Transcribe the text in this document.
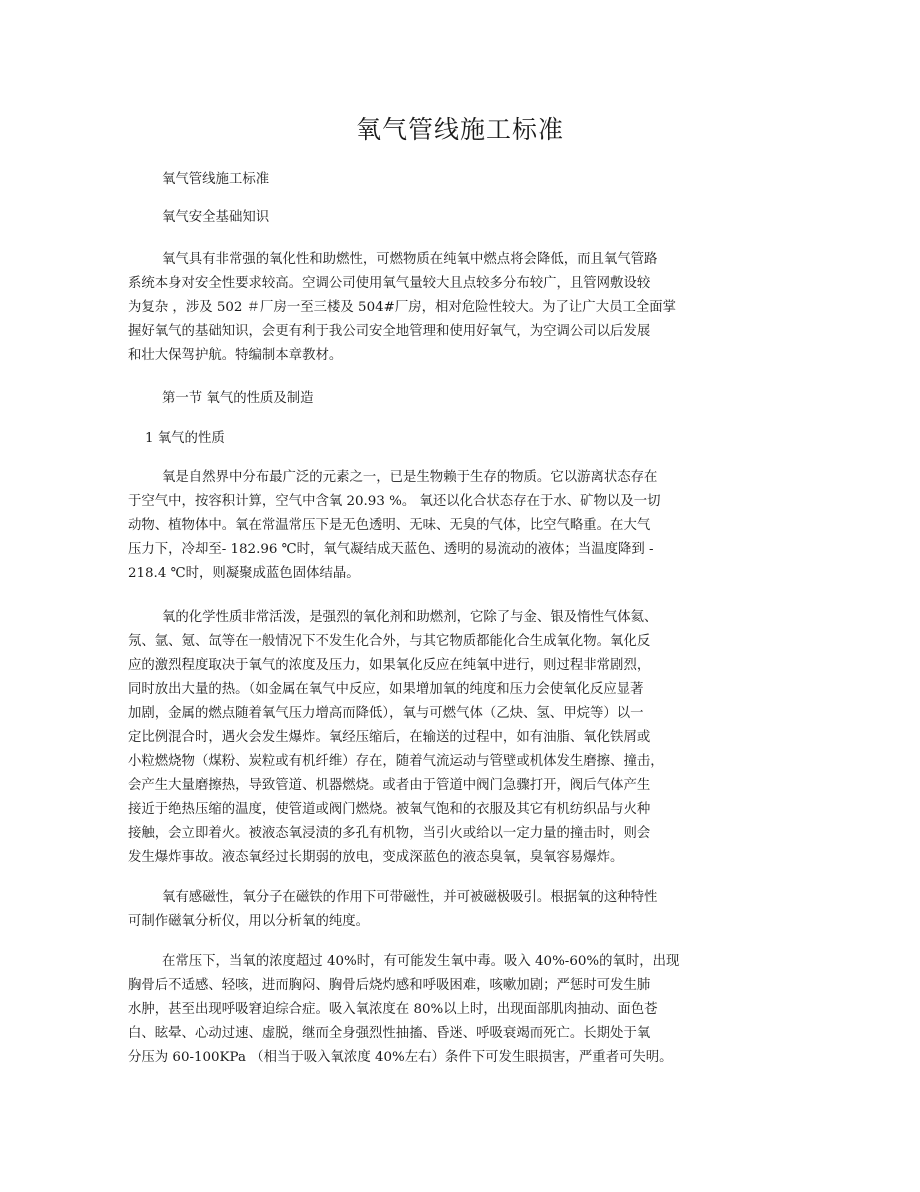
氧气管线施工标准
氧气管线施工标准
氧气安全基础知识
氧气具有非常强的氧化性和助燃性，可燃物质在纯氧中燃点将会降低，而且氧气管路
系统本身对安全性要求较高。空调公司使用氧气量较大且点较多分布较广，且管网敷设较
为复杂 ，涉及 502 ＃厂房一至三楼及 504#厂房，相对危险性较大。为了让广大员工全面掌
握好氧气的基础知识，会更有利于我公司安全地管理和使用好氧气，为空调公司以后发展
和壮大保驾护航。特编制本章教材。
第一节 氧气的性质及制造
1 氧气的性质
氧是自然界中分布最广泛的元素之一，已是生物赖于生存的物质。它以游离状态存在
于空气中，按容积计算，空气中含氧 20.93 %。 氧还以化合状态存在于水、矿物以及一切
动物、植物体中。氧在常温常压下是无色透明、无味、无臭的气体，比空气略重。在大气
压力下，冷却至- 182.96 ℃时，氧气凝结成天蓝色、透明的易流动的液体；当温度降到 -
218.4 ℃时，则凝聚成蓝色固体结晶。
氧的化学性质非常活泼，是强烈的氧化剂和助燃剂，它除了与金、银及惰性气体氦、
氖、氩、氪、氙等在一般情况下不发生化合外，与其它物质都能化合生成氧化物。氧化反
应的激烈程度取决于氧气的浓度及压力，如果氧化反应在纯氧中进行，则过程非常剧烈，
同时放出大量的热。（如金属在氧气中反应，如果增加氧的纯度和压力会使氧化反应显著
加剧，金属的燃点随着氧气压力增高而降低），氧与可燃气体（乙炔、氢、甲烷等）以一
定比例混合时，遇火会发生爆炸。氧经压缩后，在输送的过程中，如有油脂、氧化铁屑或
小粒燃烧物（煤粉、炭粒或有机纤维）存在，随着气流运动与管壁或机体发生磨擦、撞击，
会产生大量磨擦热，导致管道、机器燃烧。或者由于管道中阀门急骤打开，阀后气体产生
接近于绝热压缩的温度，使管道或阀门燃烧。被氧气饱和的衣服及其它有机纺织品与火种
接触，会立即着火。被液态氧浸渍的多孔有机物，当引火或给以一定力量的撞击时，则会
发生爆炸事故。液态氧经过长期弱的放电，变成深蓝色的液态臭氧，臭氧容易爆炸。
氧有感磁性，氧分子在磁铁的作用下可带磁性，并可被磁极吸引。根据氧的这种特性
可制作磁氧分析仪，用以分析氧的纯度。
在常压下，当氧的浓度超过 40%时，有可能发生氧中毒。吸入 40%-60%的氧时，出现
胸骨后不适感、轻咳，进而胸闷、胸骨后烧灼感和呼吸困难，咳嗽加剧；严惩时可发生肺
水肿，甚至出现呼吸窘迫综合症。吸入氧浓度在 80%以上时，出现面部肌肉抽动、面色苍
白、眩晕、心动过速、虚脱，继而全身强烈性抽搐、昏迷、呼吸衰竭而死亡。长期处于氧
分压为 60-100KPa （相当于吸入氧浓度 40%左右）条件下可发生眼损害，严重者可失明。
